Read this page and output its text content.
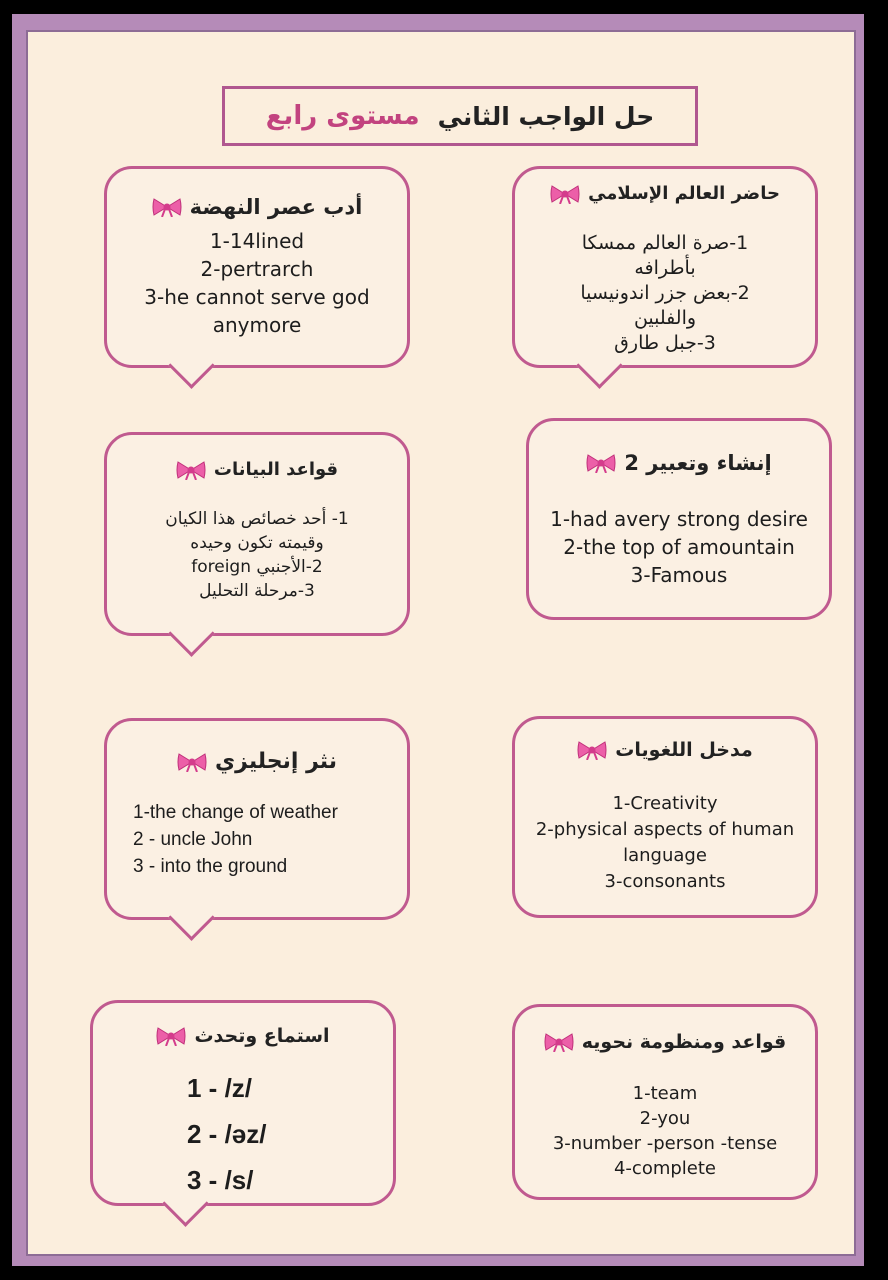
حل الواجب الثاني
مستوى رابع
أدب عصر النهضة
1-14lined
2-pertrarch
3-he cannot serve god
anymore
حاضر العالم الإسلامي
1-صرة العالم ممسكا
بأطرافه
2-بعض جزر اندونيسيا
والفلبين
3-جبل طارق
قواعد البيانات
1- أحد خصائص هذا الكيان
وقيمته تكون وحيده
2-الأجنبي foreign
3-مرحلة التحليل
إنشاء وتعبير 2
1-had avery strong desire
2-the top of amountain
3-Famous
نثر إنجليزي
1-the change of weather
2 - uncle John
3 - into the ground
مدخل اللغويات
1-Creativity
2-physical aspects of human
language
3-consonants
استماع وتحدث
1 - /z/
2 - /əz/
3 - /s/
قواعد ومنظومة نحويه
1-team
2-you
3-number -person -tense
4-complete
